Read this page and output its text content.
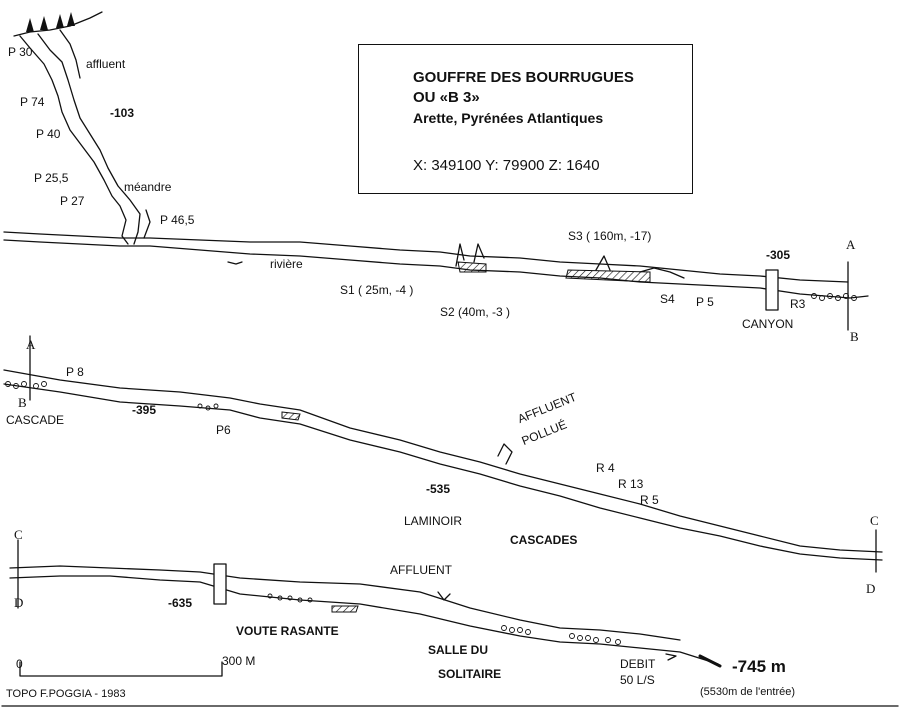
GOUFFRE DES BOURRUGUES
OU «B 3»
Arette, Pyrénées Atlantiques
X: 349100 Y: 79900 Z: 1640
P 30
affluent
P 74
-103
P 40
P 25,5
méandre
P 27
P 46,5
rivière
S1 ( 25m, -4 )
S2 (40m, -3 )
S3 ( 160m, -17)
S4 P 5
-305
R3
CANYON
A
B
A
B
P 8
CASCADE
-395
P6
AFFLUENT
POLLUÉ
R 4
R 13
R 5
-535
LAMINOIR
CASCADES
C
D
C
D	-635
AFFLUENT
VOUTE RASANTE
SALLE DU
SOLITAIRE
DEBIT
50 L/S
-745 m
(5530m de l'entrée)
0	300 M
TOPO F.POGGIA - 1983
